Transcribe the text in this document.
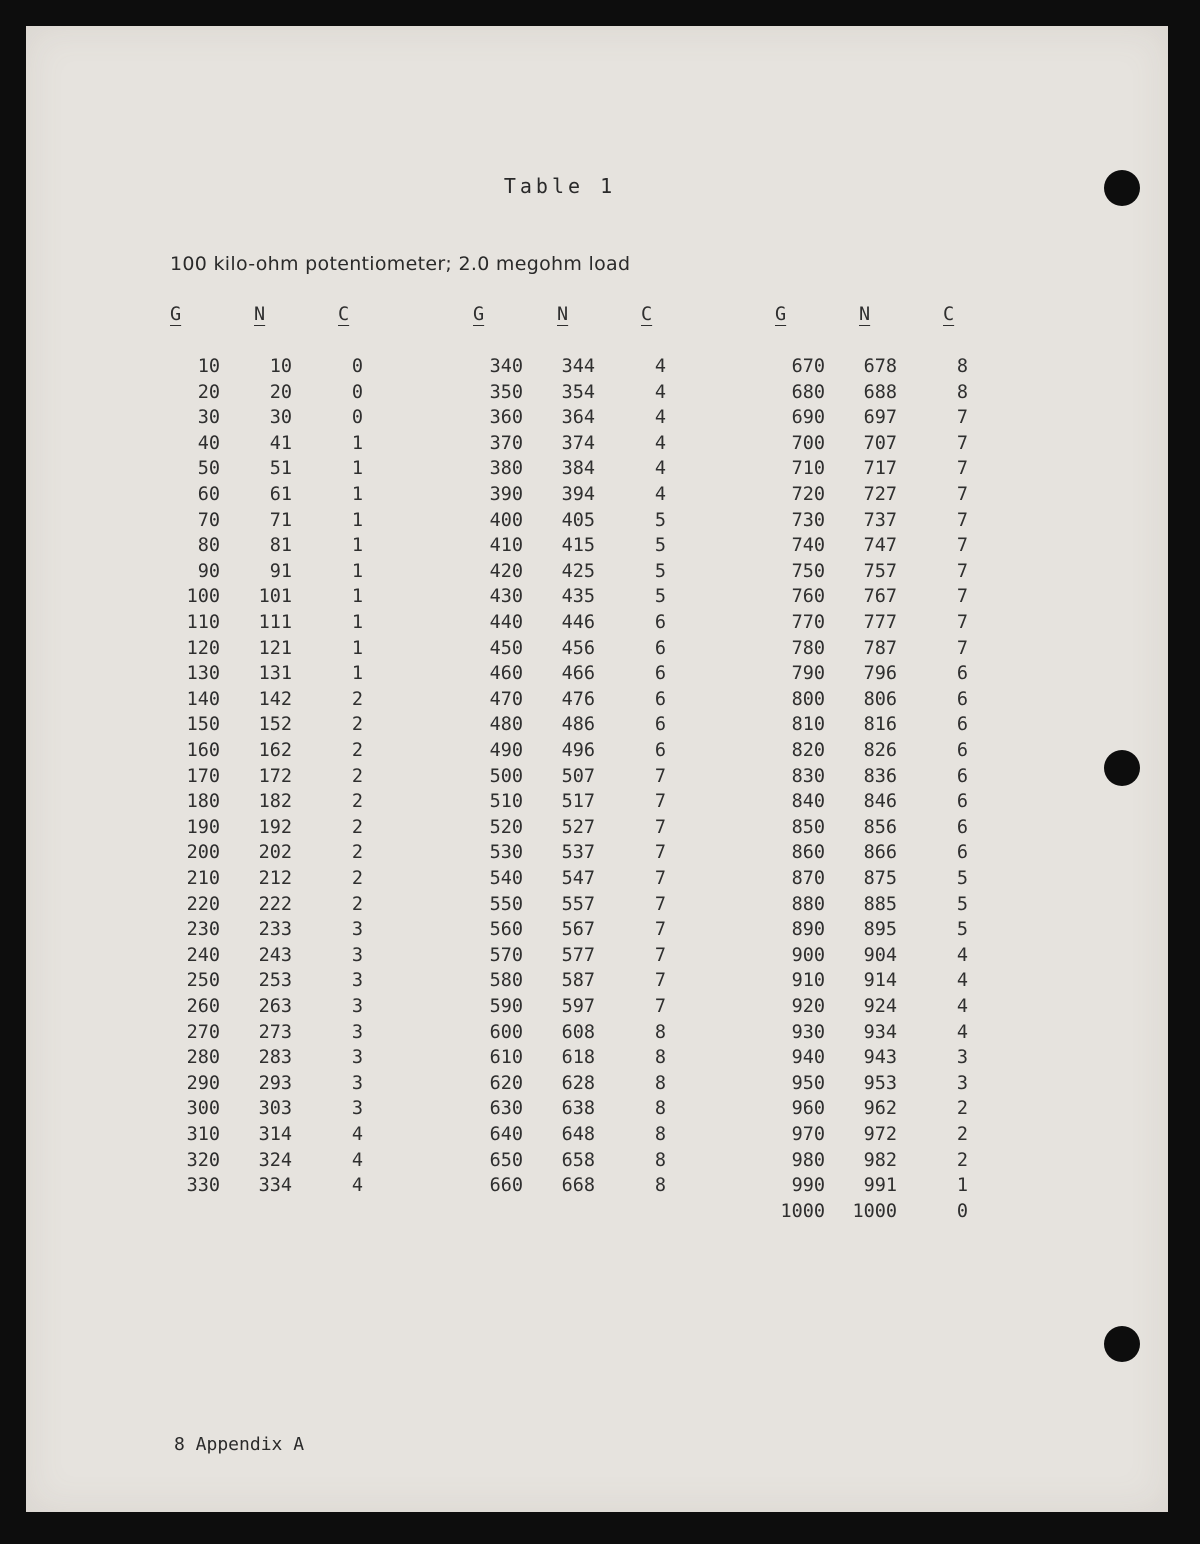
Table 1
100 kilo-ohm potentiometer; 2.0 megohm load
G	N	C
10	10	0
20	20	0
30	30	0
40	41	1
50	51	1
60	61	1
70	71	1
80	81	1
90	91	1
100	101	1
110	111	1
120	121	1
130	131	1
140	142	2
150	152	2
160	162	2
170	172	2
180	182	2
190	192	2
200	202	2
210	212	2
220	222	2
230	233	3
240	243	3
250	253	3
260	263	3
270	273	3
280	283	3
290	293	3
300	303	3
310	314	4
320	324	4
330	334	4
G	N	C
340	344	4
350	354	4
360	364	4
370	374	4
380	384	4
390	394	4
400	405	5
410	415	5
420	425	5
430	435	5
440	446	6
450	456	6
460	466	6
470	476	6
480	486	6
490	496	6
500	507	7
510	517	7
520	527	7
530	537	7
540	547	7
550	557	7
560	567	7
570	577	7
580	587	7
590	597	7
600	608	8
610	618	8
620	628	8
630	638	8
640	648	8
650	658	8
660	668	8
G	N	C
670	678	8
680	688	8
690	697	7
700	707	7
710	717	7
720	727	7
730	737	7
740	747	7
750	757	7
760	767	7
770	777	7
780	787	7
790	796	6
800	806	6
810	816	6
820	826	6
830	836	6
840	846	6
850	856	6
860	866	6
870	875	5
880	885	5
890	895	5
900	904	4
910	914	4
920	924	4
930	934	4
940	943	3
950	953	3
960	962	2
970	972	2
980	982	2
990	991	1
1000	1000	0
8 Appendix A
